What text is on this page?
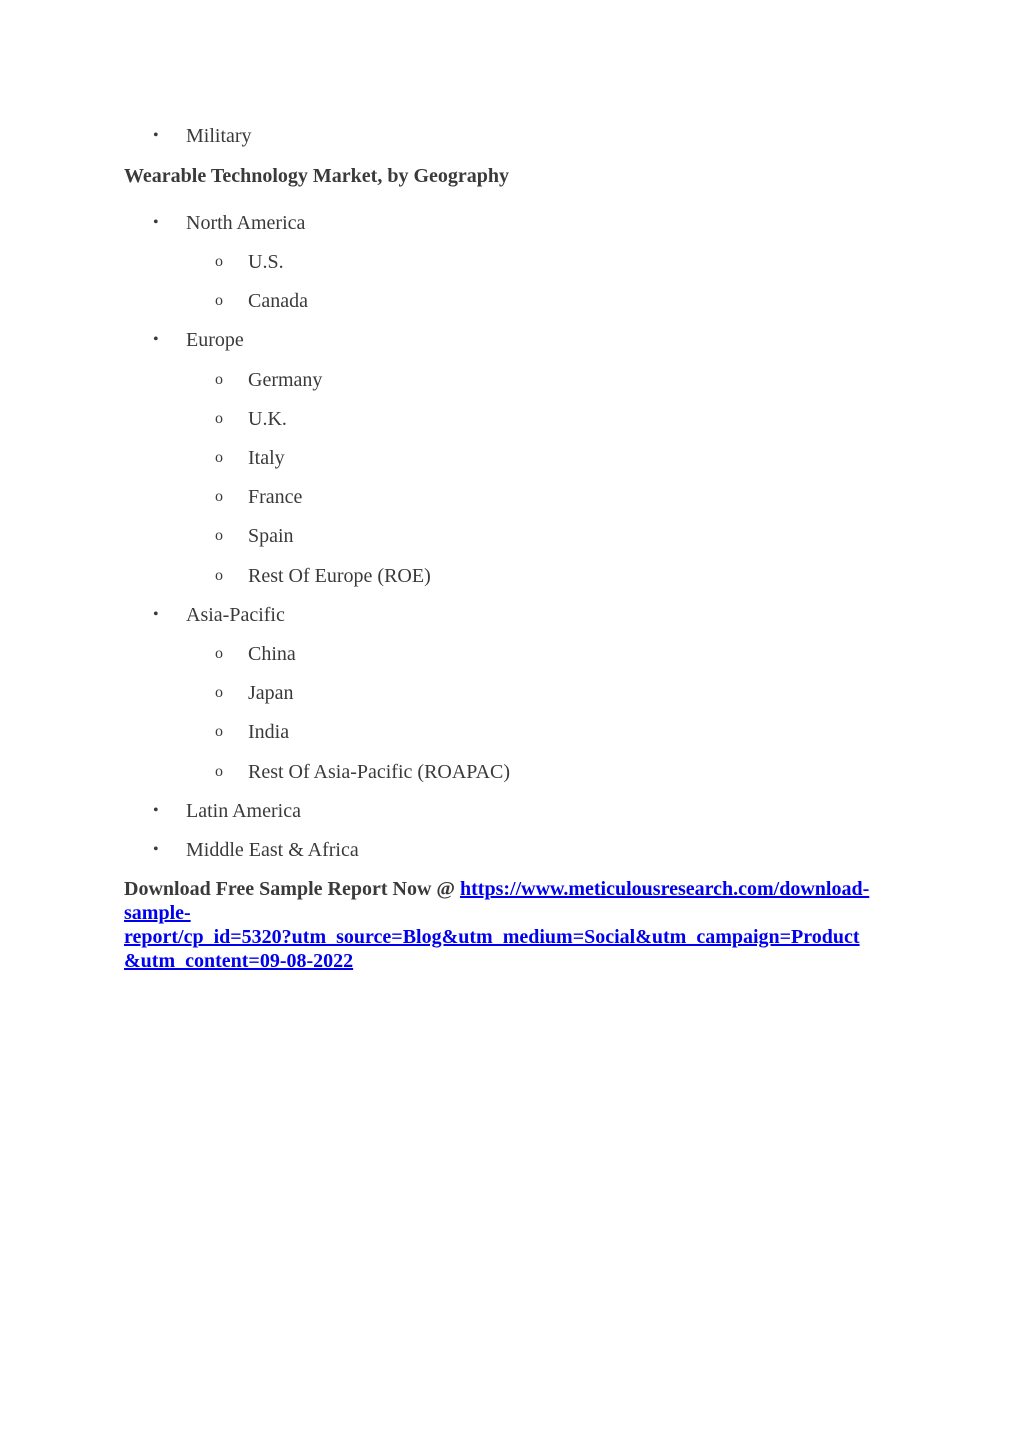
• Military
Wearable Technology Market, by Geography
• North America
o U.S.
o Canada
• Europe
o Germany
o U.K.
o Italy
o France
o Spain
o Rest Of Europe (ROE)
• Asia-Pacific
o China
o Japan
o India
o Rest Of Asia-Pacific (ROAPAC)
• Latin America
• Middle East & Africa
Download Free Sample Report Now @ https://www.meticulousresearch.com/download-
sample-
report/cp_id=5320?utm_source=Blog&utm_medium=Social&utm_campaign=Product
&utm_content=09-08-2022
